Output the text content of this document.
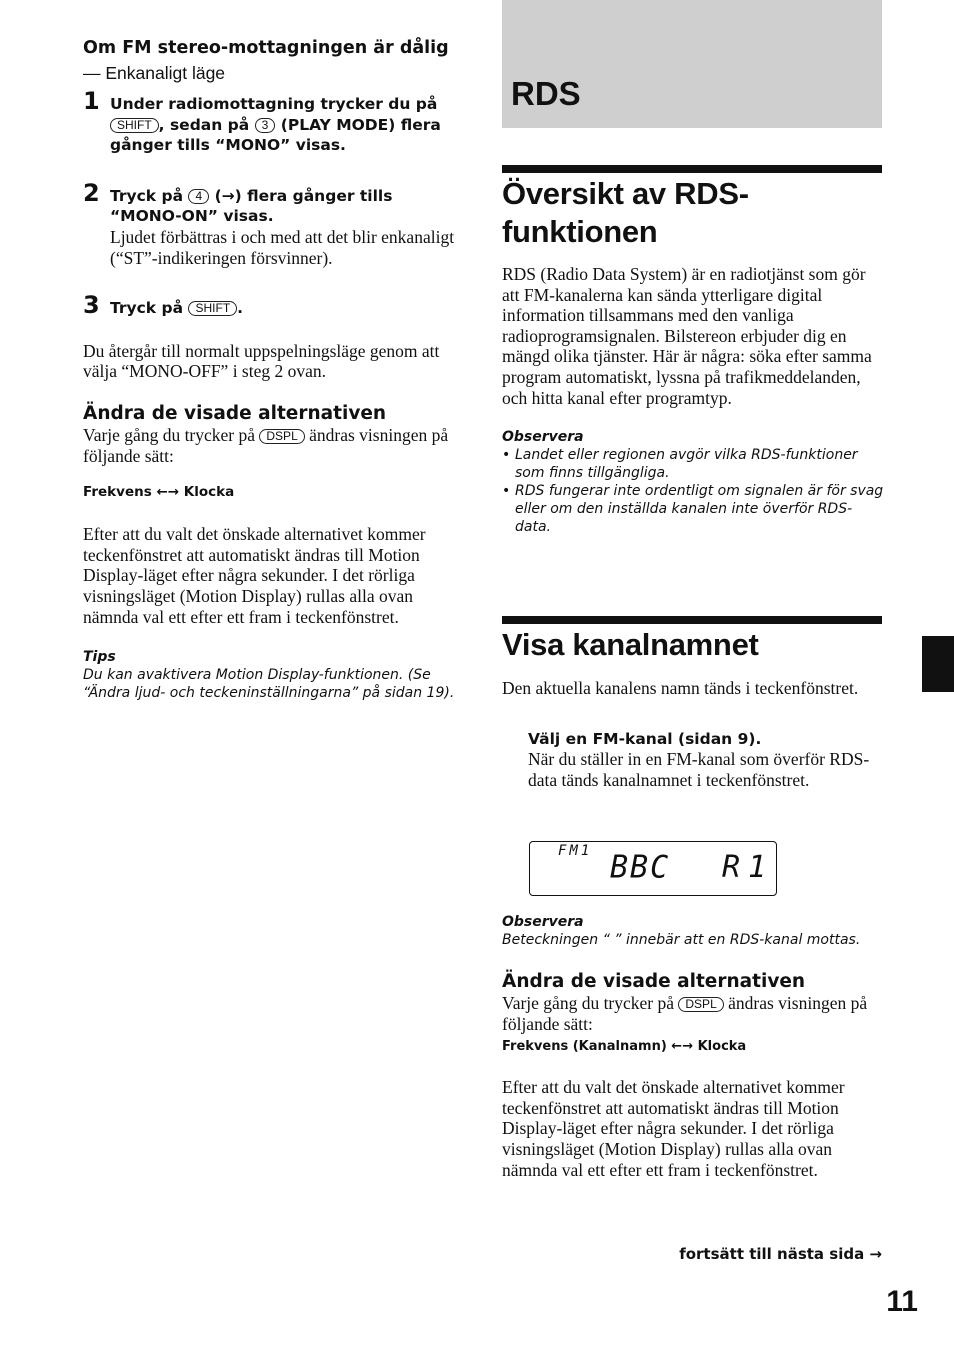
Om FM stereo-mottagningen är dålig — Enkanaligt läge
1 Under radiomottagning trycker du på SHIFT , sedan på 3 (PLAY MODE) flera gånger tills “MONO” visas.
2 Tryck på 4 (→) flera gånger tills “MONO-ON” visas.
Ljudet förbättras i och med att det blir enkanaligt (“ST”-indikeringen försvinner).
3 Tryck på SHIFT .
Du återgår till normalt uppspelningsläge genom att välja “MONO-OFF” i steg 2 ovan.
Ändra de visade alternativen
Varje gång du trycker på DSPL ändras visningen på följande sätt:
Frekvens ←→ Klocka
Efter att du valt det önskade alternativet kommer teckenfönstret att automatiskt ändras till Motion Display-läget efter några sekunder. I det rörliga visningsläget (Motion Display) rullas alla ovan nämnda val ett efter ett fram i teckenfönstret.
Tips
Du kan avaktivera Motion Display-funktionen. (Se “Ändra ljud- och teckeninställningarna” på sidan 19).
RDS
Översikt av RDS-
funktionen
RDS (Radio Data System) är en radiotjänst som gör att FM-kanalerna kan sända ytterligare digital information tillsammans med den vanliga radioprogramsignalen. Bilstereon erbjuder dig en mängd olika tjänster. Här är några: söka efter samma program automatiskt, lyssna på trafikmeddelanden, och hitta kanal efter programtyp.
Observera
• Landet eller regionen avgör vilka RDS-funktioner som finns tillgängliga.
• RDS fungerar inte ordentligt om signalen är för svag eller om den inställda kanalen inte överför RDS-data.
Visa kanalnamnet
Den aktuella kanalens namn tänds i teckenfönstret.
Välj en FM-kanal (sidan 9).
När du ställer in en FM-kanal som överför RDS-data tänds kanalnamnet i teckenfönstret.
FM1 BBC R1
Observera
Beteckningen “ ” innebär att en RDS-kanal mottas.
Ändra de visade alternativen
Varje gång du trycker på DSPL ändras visningen på följande sätt:
Frekvens (Kanalnamn) ←→ Klocka
Efter att du valt det önskade alternativet kommer teckenfönstret att automatiskt ändras till Motion Display-läget efter några sekunder. I det rörliga visningsläget (Motion Display) rullas alla ovan nämnda val ett efter ett fram i teckenfönstret.
fortsätt till nästa sida →
11
